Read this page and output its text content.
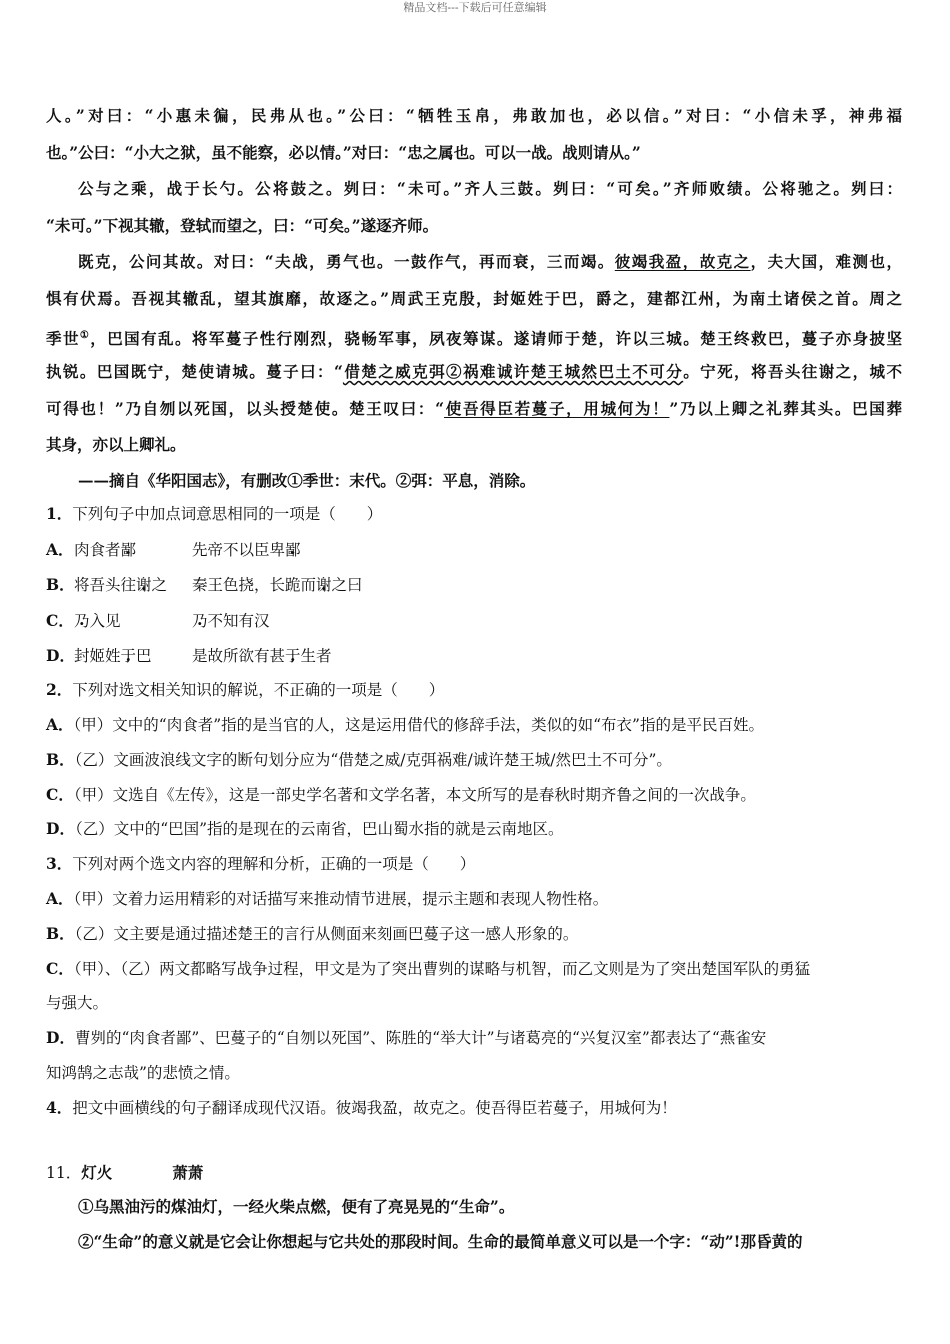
精品文档---下载后可任意编辑
人。”对曰：“小惠未徧，民弗从也。”公曰：“牺牲玉帛，弗敢加也，必以信。”对曰：“小信未孚，神弗福
也。”公曰：“小大之狱，虽不能察，必以情。”对曰：“忠之属也。可以一战。战则请从。”
公与之乘，战于长勺。公将鼓之。刿曰：“未可。”齐人三鼓。刿曰：“可矣。”齐师败绩。公将驰之。刿曰：
“未可。”下视其辙，登轼而望之，曰：“可矣。”遂逐齐师。
既克，公问其故。对曰：“夫战，勇气也。一鼓作气，再而衰，三而竭。彼竭我盈，故克之，夫大国，难测也，
惧有伏焉。吾视其辙乱，望其旗靡，故逐之。”周武王克殷，封姬姓于巴，爵之，建都江州，为南土诸侯之首。周之
季世①，巴国有乱。将军蔓子性行刚烈，骁畅军事，夙夜筹谋。遂请师于楚，许以三城。楚王终救巴，蔓子亦身披坚
执锐。巴国既宁，楚使请城。蔓子曰：“借楚之威克弭②祸难诚许楚王城然巴土不可分。宁死，将吾头往谢之，城不
可得也！”乃自刎以死国，以头授楚使。楚王叹曰：“使吾得臣若蔓子，用城何为！”乃以上卿之礼葬其头。巴国葬
其身，亦以上卿礼。
——摘自《华阳国志》，有删改①季世：末代。②弭：平息，消除。
1．下列句子中加点词意思相同的一项是（　　）
A．肉食者鄙 ·	先帝不以臣卑鄙 ·
B．将吾头往谢 ·之 秦王色挠，长跪而谢 ·之曰
C．乃 ·入见	乃 ·不知有汉
D．封姬姓于 ·巴	是故所欲有甚于 ·生者
2．下列对选文相关知识的解说，不正确的一项是（　　）
A．（甲）文中的“肉食者”指的是当官的人，这是运用借代的修辞手法，类似的如“布衣”指的是平民百姓。
B．（乙）文画波浪线文字的断句划分应为“借楚之威/克弭祸难/诚许楚王城/然巴土不可分”。
C．（甲）文选自《左传》，这是一部史学名著和文学名著，本文所写的是春秋时期齐鲁之间的一次战争。
D．（乙）文中的“巴国”指的是现在的云南省，巴山蜀水指的就是云南地区。
3．下列对两个选文内容的理解和分析，正确的一项是（　　）
A．（甲）文着力运用精彩的对话描写来推动情节进展，提示主题和表现人物性格。
B．（乙）文主要是通过描述楚王的言行从侧面来刻画巴蔓子这一感人形象的。
C．（甲）、（乙）两文都略写战争过程，甲文是为了突出曹刿的谋略与机智，而乙文则是为了突出楚国军队的勇猛
与强大。
D．曹刿的“肉食者鄙”、巴蔓子的“自刎以死国”、陈胜的“举大计”与诸葛亮的“兴复汉室”都表达了“燕雀安
知鸿鹄之志哉”的悲愤之情。
4．把文中画横线的句子翻译成现代汉语。彼竭我盈，故克之。使吾得臣若蔓子，用城何为！
11．灯火	萧萧
①乌黑油污的煤油灯，一经火柴点燃，便有了亮晃晃的“生命”。
②“生命”的意义就是它会让你想起与它共处的那段时间。生命的最简单意义可以是一个字：“动”!那昏黄的
